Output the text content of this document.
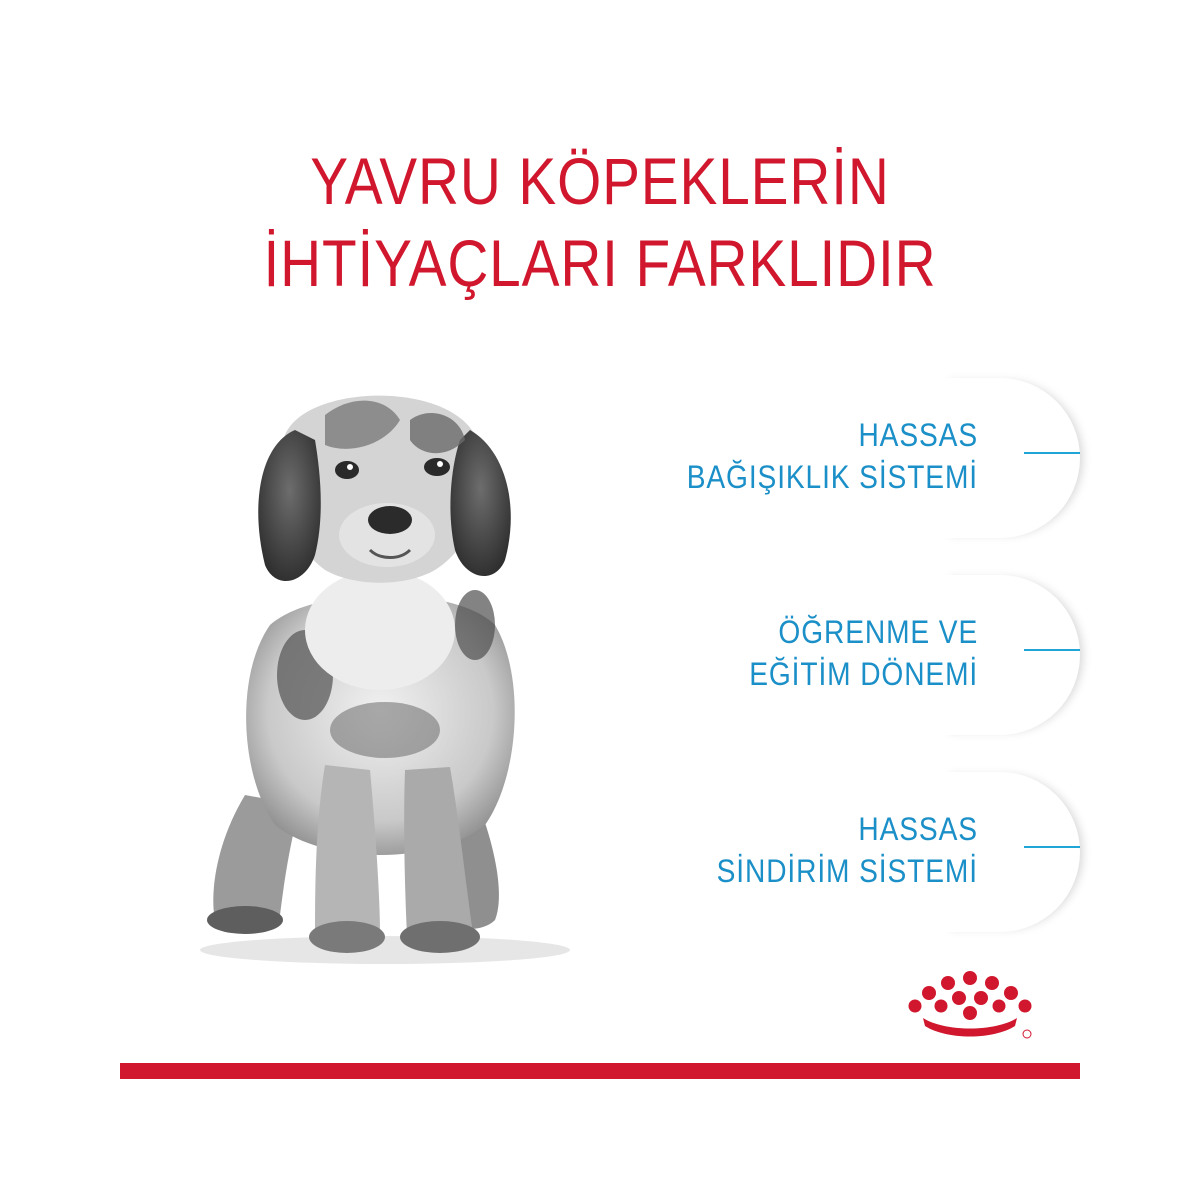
YAVRU KÖPEKLERİN
İHTİYAÇLARI FARKLIDIR
HASSAS
BAĞIŞIKLIK SİSTEMİ
ÖĞRENME VE
EĞİTİM DÖNEMİ
HASSAS
SİNDİRİM SİSTEMİ
